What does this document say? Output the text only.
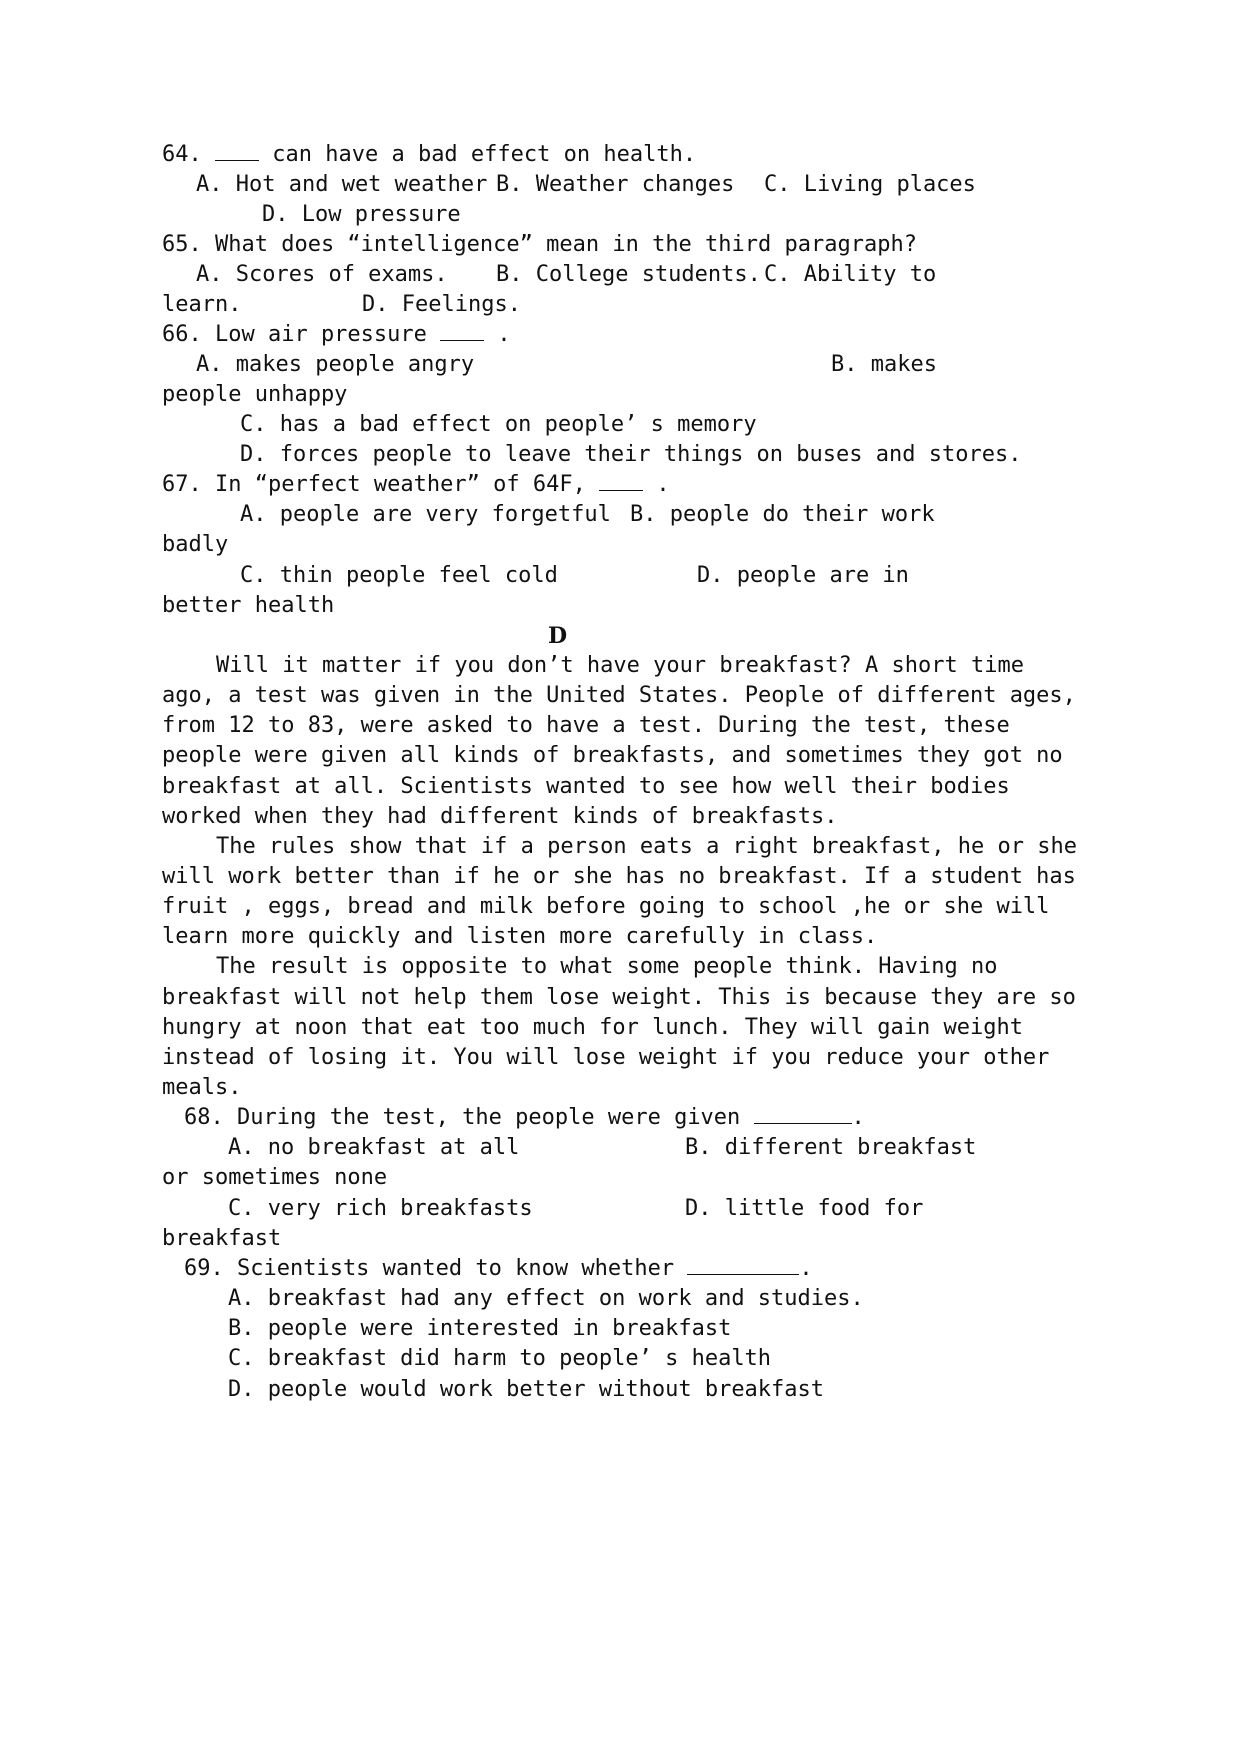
64.	can have a bad effect on health.
A. Hot and wet weather B. Weather changes C. Living places
D. Low pressure
65. What does “intelligence” mean in the third paragraph?
A. Scores of exams. B. College students. C. Ability to
learn.	D. Feelings.
66. Low air pressure	.
A. makes people angry	B. makes
people unhappy
C. has a bad effect on people’ s memory
D. forces people to leave their things on buses and stores.
67. In “perfect weather” of 64F,	.
A. people are very forgetful B. people do their work
badly
C. thin people feel cold	D. people are in
better health
D
Will it matter if you don’t have your breakfast? A short time
ago, a test was given in the United States. People of different ages,
from 12 to 83, were asked to have a test. During the test, these
people were given all kinds of breakfasts, and sometimes they got no
breakfast at all. Scientists wanted to see how well their bodies
worked when they had different kinds of breakfasts.
The rules show that if a person eats a right breakfast, he or she
will work better than if he or she has no breakfast. If a student has
fruit , eggs, bread and milk before going to school ,he or she will
learn more quickly and listen more carefully in class.
The result is opposite to what some people think. Having no
breakfast will not help them lose weight. This is because they are so
hungry at noon that eat too much for lunch. They will gain weight
instead of losing it. You will lose weight if you reduce your other
meals.
68. During the test, the people were given	.
A. no breakfast at all	B. different breakfast
or sometimes none
C. very rich breakfasts	D. little food for
breakfast
69. Scientists wanted to know whether	.
A. breakfast had any effect on work and studies.
B. people were interested in breakfast
C. breakfast did harm to people’ s health
D. people would work better without breakfast
